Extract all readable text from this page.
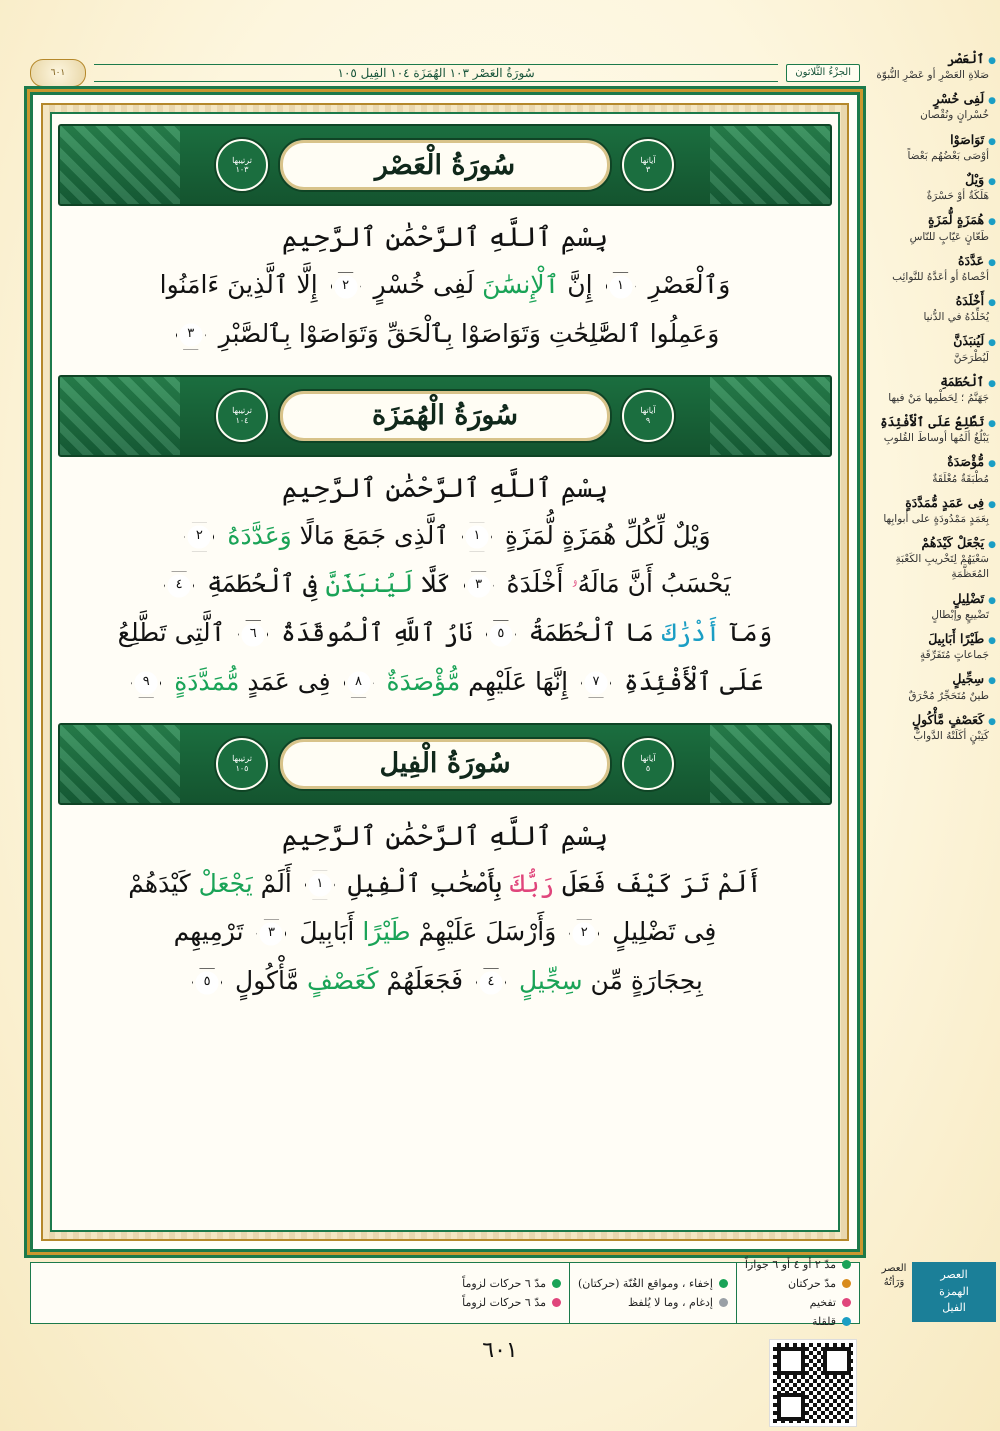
الجزْءُ الثَّلاثون
سُورَةُ العَصْر ١٠٣ الهُمَزَة ١٠٤ الفِيل ١٠٥
٦٠١
آياتها
٣
سُورَةُ الْعَصْر
ترتيبها
١٠٣
بِسْمِ ٱللَّهِ ٱلرَّحْمَٰنِ ٱلرَّحِيمِ
وَٱلْعَصْرِ ١ إِنَّ ٱلْإِنسَٰنَ لَفِى خُسْرٍ ٢ إِلَّا ٱلَّذِينَ ءَامَنُوا
وَعَمِلُوا ٱلصَّٰلِحَٰتِ وَتَوَاصَوْا بِٱلْحَقِّ وَتَوَاصَوْا بِٱلصَّبْرِ ٣
آياتها
٩
سُورَةُ الْهُمَزَة
ترتيبها
١٠٤
بِسْمِ ٱللَّهِ ٱلرَّحْمَٰنِ ٱلرَّحِيمِ
وَيْلٌ لِّكُلِّ هُمَزَةٍ لُّمَزَةٍ ١ ٱلَّذِى جَمَعَ مَالًا وَعَدَّدَهُ ٢
يَحْسَبُ أَنَّ مَالَهُۥ أَخْلَدَهُ ٣ كَلَّا لَيُنبَذَنَّ فِى ٱلْحُطَمَةِ ٤
وَمَآ أَدْرَٰكَ مَا ٱلْحُطَمَةُ ٥ نَارُ ٱللَّهِ ٱلْمُوقَدَةُ ٦ ٱلَّتِى تَطَّلِعُ
عَلَى ٱلْأَفْئِدَةِ ٧ إِنَّهَا عَلَيْهِم مُّؤْصَدَةٌ ٨ فِى عَمَدٍ مُّمَدَّدَةٍ ٩
آياتها
٥
سُورَةُ الْفِيل
ترتيبها
١٠٥
بِسْمِ ٱللَّهِ ٱلرَّحْمَٰنِ ٱلرَّحِيمِ
أَلَمْ تَرَ كَيْفَ فَعَلَ رَبُّكَ بِأَصْحَٰبِ ٱلْفِيلِ ١ أَلَمْ يَجْعَلْ كَيْدَهُمْ
فِى تَضْلِيلٍ ٢ وَأَرْسَلَ عَلَيْهِمْ طَيْرًا أَبَابِيلَ ٣ تَرْمِيهِم
بِحِجَارَةٍ مِّن سِجِّيلٍ ٤ فَجَعَلَهُمْ كَعَصْفٍ مَّأْكُولٍ ٥
مدّ ٢ أو ٤ أو ٦ جوازاً
مدّ حركتان
تفخيم
قلقلة
إخفاء ، ومواقع الغُنّة (حركتان)
إدغام ، وما لا يُلفظ
مدّ ٦ حركات لزوماً
مدّ ٦ حركات لزوماً
٦٠١
●
ٱلْعَصْر
صَلاةِ العَصْرِ أو عَصْرِ النُّبوّة
●
لَفِى خُسْرٍ
خُسْرانٍ ونُقْصان
●
تَوَاصَوْا
أوْصَى بَعْضُهُم بَعْضاً
●
وَيْلٌ
هَلَكَةٌ أوْ حَسْرَةٌ
●
هُمَزَةٍ لُّمَزَةٍ
طَعّانٍ عَيّابٍ للنّاسِ
●
عَدَّدَهُ
أحْصاهُ أو أعَدَّهُ للنَّوائِب
●
أَخْلَدَهُ
يُخَلِّدُهُ في الدُّنيا
●
لَيُنبَذَنَّ
لَيُطْرَحَنَّ
●
ٱلْحُطَمَةِ
جَهَنَّمُ ؛ لِحَطْمِها مَنْ فيها
●
تَطَّلِعُ عَلَى ٱلْأَفْئِدَةِ
يَبْلُغُ ألَمُها أوساطَ القُلوبِ
●
مُّؤْصَدَةٌ
مُطْبَقَةٌ مُغْلَقَةٌ
●
فِى عَمَدٍ مُّمَدَّدَةٍ
بِعَمَدٍ مَمْدُودَةٍ على أبوابِها
●
يَجْعَلْ كَيْدَهُمْ
سَعْيَهُمْ لِتَخْريبِ الكَعْبَةِ المُعَظَّمَةِ
●
تَضْلِيلٍ
تَضْييعٍ وإبْطالٍ
●
طَيْرًا أَبَابِيلَ
جَماعاتٍ مُتَفَرِّقَةٍ
●
سِجِّيلٍ
طينٌ مُتَحَجِّرٌ مُحْرَقٌ
●
كَعَصْفٍ مَّأْكُولٍ
كَتِبْنٍ أكَلَتْهُ الدَّوابُّ
العصر
وَرَأتُهُ
العصر
الهمزة
الفيل
